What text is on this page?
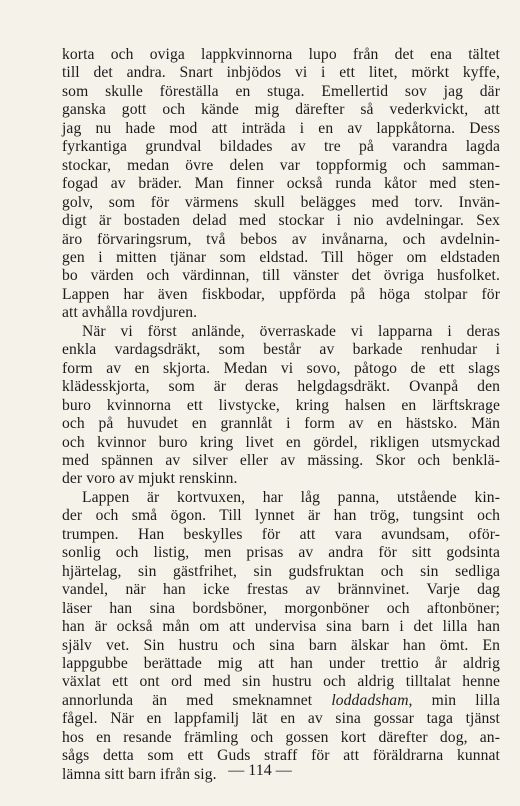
korta och oviga lappkvinnorna lupo från det ena tältet
till det andra. Snart inbjödos vi i ett litet, mörkt kyffe,
som skulle föreställa en stuga. Emellertid sov jag där
ganska gott och kände mig därefter så vederkvickt, att
jag nu hade mod att inträda i en av lappkåtorna. Dess
fyrkantiga grundval bildades av tre på varandra lagda
stockar, medan övre delen var toppformig och samman-
fogad av bräder. Man finner också runda kåtor med sten-
golv, som för värmens skull belägges med torv. Invän-
digt är bostaden delad med stockar i nio avdelningar. Sex
äro förvaringsrum, två bebos av invånarna, och avdelnin-
gen i mitten tjänar som eldstad. Till höger om eldstaden
bo värden och värdinnan, till vänster det övriga husfolket.
Lappen har även fiskbodar, uppförda på höga stolpar för
att avhålla rovdjuren.
När vi först anlände, överraskade vi lapparna i deras
enkla vardagsdräkt, som består av barkade renhudar i
form av en skjorta. Medan vi sovo, påtogo de ett slags
klädesskjorta, som är deras helgdagsdräkt. Ovanpå den
buro kvinnorna ett livstycke, kring halsen en lärftskrage
och på huvudet en grannlåt i form av en hästsko. Män
och kvinnor buro kring livet en gördel, rikligen utsmyckad
med spännen av silver eller av mässing. Skor och benklä-
der voro av mjukt renskinn.
Lappen är kortvuxen, har låg panna, utstående kin-
der och små ögon. Till lynnet är han trög, tungsint och
trumpen. Han beskylles för att vara avundsam, oför-
sonlig och listig, men prisas av andra för sitt godsinta
hjärtelag, sin gästfrihet, sin gudsfruktan och sin sedliga
vandel, när han icke frestas av brännvinet. Varje dag
läser han sina bordsböner, morgonböner och aftonböner;
han är också mån om att undervisa sina barn i det lilla han
själv vet. Sin hustru och sina barn älskar han ömt. En
lappgubbe berättade mig att han under trettio år aldrig
växlat ett ont ord med sin hustru och aldrig tilltalat henne
annorlunda än med smeknamnet loddadsham, min lilla
fågel. När en lappfamilj lät en av sina gossar taga tjänst
hos en resande främling och gossen kort därefter dog, an-
sågs detta som ett Guds straff för att föräldrarna kunnat
lämna sitt barn ifrån sig. — 114 —
